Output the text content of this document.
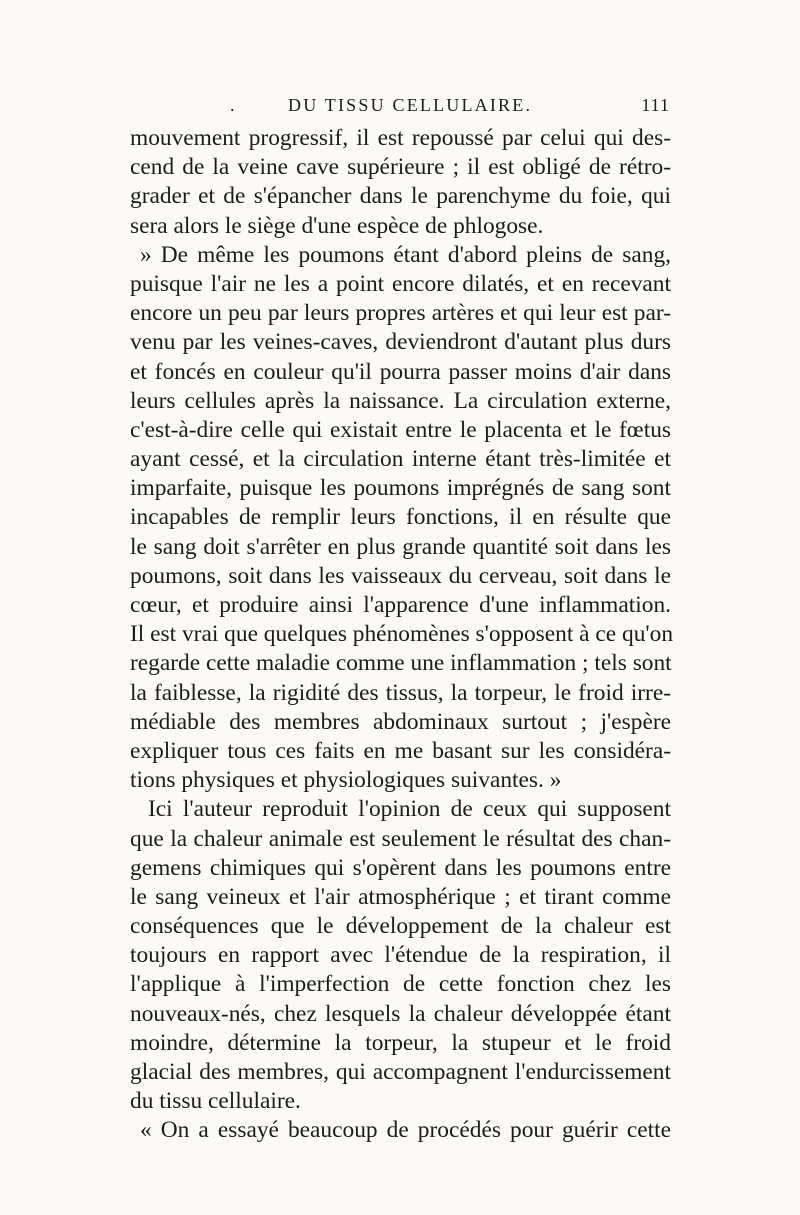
.	DU TISSU CELLULAIRE.	111
mouvement progressif, il est repoussé par celui qui des-
cend de la veine cave supérieure ; il est obligé de rétro-
grader et de s'épancher dans le parenchyme du foie, qui
sera alors le siège d'une espèce de phlogose.
» De même les poumons étant d'abord pleins de sang,
puisque l'air ne les a point encore dilatés, et en recevant
encore un peu par leurs propres artères et qui leur est par-
venu par les veines-caves, deviendront d'autant plus durs
et foncés en couleur qu'il pourra passer moins d'air dans
leurs cellules après la naissance. La circulation externe,
c'est-à-dire celle qui existait entre le placenta et le fœtus
ayant cessé, et la circulation interne étant très-limitée et
imparfaite, puisque les poumons imprégnés de sang sont
incapables de remplir leurs fonctions, il en résulte que
le sang doit s'arrêter en plus grande quantité soit dans les
poumons, soit dans les vaisseaux du cerveau, soit dans le
cœur, et produire ainsi l'apparence d'une inflammation.
Il est vrai que quelques phénomènes s'opposent à ce qu'on
regarde cette maladie comme une inflammation ; tels sont
la faiblesse, la rigidité des tissus, la torpeur, le froid irre-
médiable des membres abdominaux surtout ; j'espère
expliquer tous ces faits en me basant sur les considéra-
tions physiques et physiologiques suivantes. »
Ici l'auteur reproduit l'opinion de ceux qui supposent
que la chaleur animale est seulement le résultat des chan-
gemens chimiques qui s'opèrent dans les poumons entre
le sang veineux et l'air atmosphérique ; et tirant comme
conséquences que le développement de la chaleur est
toujours en rapport avec l'étendue de la respiration, il
l'applique à l'imperfection de cette fonction chez les
nouveaux-nés, chez lesquels la chaleur développée étant
moindre, détermine la torpeur, la stupeur et le froid
glacial des membres, qui accompagnent l'endurcissement
du tissu cellulaire.
« On a essayé beaucoup de procédés pour guérir cette
